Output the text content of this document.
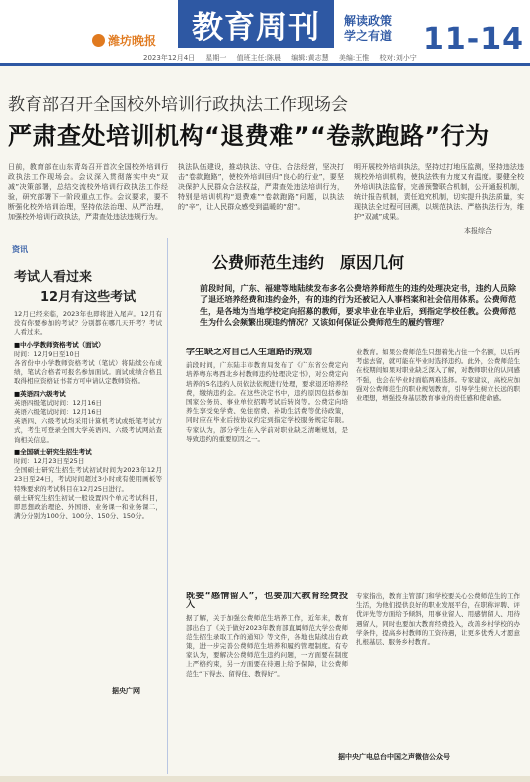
潍坊晚报 教育周刊 解读政策
学之有道	11-14
2023年12月4日 星期一 值班主任:陈晨 编辑:黄志慧 美编:王惟 校对:刘小宁
教育部召开全国校外培训行政执法工作现场会
严肃查处培训机构“退费难”“卷款跑路”行为
日前，教育部在山东青岛召开首次全国校外培训行政执法工作现场会。会议深入贯彻落实中央“双减”决策部署，总结交流校外培训行政执法工作经验，研究部署下一阶段重点工作。会议要求，要不断强化校外培训治理，坚持依法治理、从严治理，加强校外培训行政执法，严肃查处违法违规行为。
执法队伍建设，推动执法、守住、合法经营，坚决打击“卷款跑路”，使校外培训回归“良心的行业”，要坚决保护人民群众合法权益，严肃查处违法培训行为，特别是培训机构“退费难”“卷款跑路”问题，以执法的“辛”，让人民群众感受到温暖的“甜”。
明开展校外培训执法，坚持过打地压监测，坚持违法违规校外培训机构，使执法铁有力度又有温度。要健全校外培训执法监督，完善预警联合机制，公开通报机制，统计报告机制，责任追究机制，切实提升执法质量，实现执法全过程可回溯，以规范执法、严格执法行为，维护“双减”成果。
本报综合
资讯
考试人看过来
12月有这些考试

12月已经来临，2023年也即将进入尾声。12月有没有你要参加的考试？分别都在哪几天开考？考试人看过来。

■中小学教师资格考试（面试）

时间：12月9日至10日

各省份中小学教师资格考试（笔试）将陆续公布成绩，笔试合格者可报名参加面试。面试成绩合格且取得相应资格证书者方可申请认定教师资格。

■英语四六级考试

英语四级笔试时间：12月16日

英语六级笔试时间：12月16日

英语四、六级考试均采用计算机考试或纸笔考试方式，考生可登录全国大学英语四、六级考试网站查询相关信息。

■全国硕士研究生招生考试

时间：12月23日至25日

全国硕士研究生招生考试初试时间为2023年12月23日至24日，考试时间超过3小时或有使用画板等特殊要求的考试科目在12月25日进行。

硕士研究生招生初试一般设置四个单元考试科目，即思想政治理论、外国语、业务课一和业务课二，满分分别为100分、100分、150分、150分。

据央广网
公费师范生违约　原因几何
前段时间，广东、福建等地陆续发布多名公费培养师范生的违约处理决定书，违约人员除了退还培养经费和违约金外，有的违约行为还被记入人事档案和社会信用体系。公费师范生，是各地为当地学校定向招募的教师，要求毕业在毕业后，到指定学校任教。公费师范生为什么会频繁出现违约情况？又该如何保证公费师范生的履约管理？
学生缺乏对自己人生道路的规划

前段时间，广东陆丰市教育局发布了《广东省公费定向培养粤东粤西北乡村教师违约处理决定书》，对公费定向培养的5名违约人员依法依规进行处理，要求退还培养经费，缴纳违约金。在这些决定书中，违约原因包括参加国家公务员、事业单位招聘考试后转岗等。公费定向培养生享受免学费、免住宿费、补助生活费等优待政策，同时应在毕业后按协议约定到指定学校服务规定年限。专家认为，部分学生在入学前对职业缺乏清晰规划，是导致违约的重要原因之一。

业教育。如果公费师范生只想着先占住一个名额，以后再考虑去留，就可能在毕业时选择违约。此外，公费师范生在校期间如果对职业缺乏深入了解，对教师职业的认同感不强，也会在毕业时面临两难选择。专家建议，高校应加强对公费师范生的职业规划教育，引导学生树立长远的职业理想，增强投身基层教育事业的责任感和使命感。

既要“感情留人”，也要加大教育经费投入

据了解，关于加强公费师范生培养工作，近年来，教育部出台了《关于做好2023年教育部直属师范大学公费师范生招生录取工作的通知》等文件，各地也陆续出台政策，进一步完善公费师范生培养和履约管理制度。有专家认为，要解决公费师范生违约问题，一方面要在制度上严格约束，另一方面要在待遇上给予保障，让公费师范生“下得去、留得住、教得好”。

专家指出，教育主管部门和学校要关心公费师范生的工作生活，为他们提供良好的职业发展平台，在职称评聘、评优评先等方面给予倾斜，用事业留人、用感情留人、用待遇留人，同时也要加大教育经费投入，改善乡村学校的办学条件，提高乡村教师的工资待遇，让更多优秀人才愿意扎根基层、服务乡村教育。

据中央广电总台中国之声微信公众号
